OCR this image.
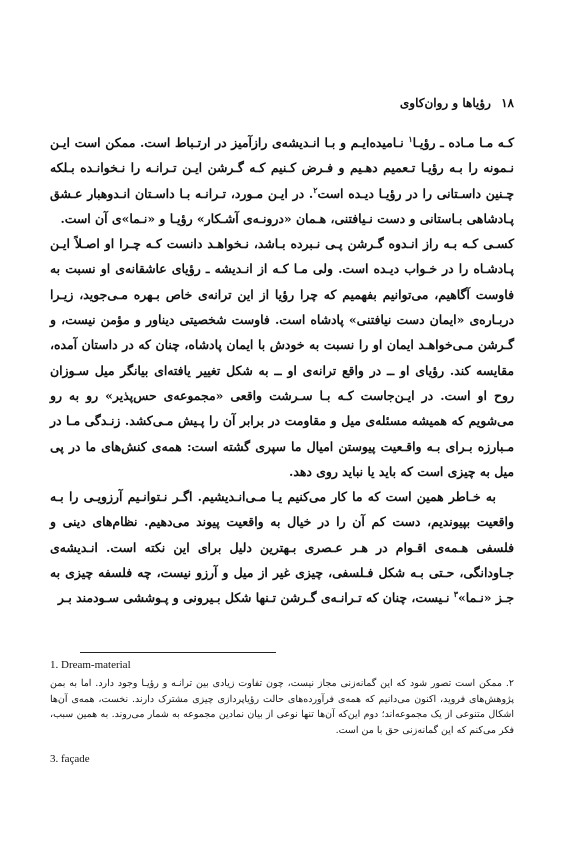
۱۸ رؤیاها و روان‌کاوی

کـه مـا مـاده ـ رؤیـا$^۱$ نـامیده‌ایـم و بـا انـدیشه‌ی رازآمیز در ارتـباط است. ممکن است ایـن نـمونه را بـه رؤیـا تـعمیم دهـیم و فـرض کـنیم کـه گـرشن ایـن تـرانـه را نـخوانـده بـلکه چـنین داسـتانی را در رؤیـا دیـده است$^۲$. در ایـن مـورد، تـرانـه بـا داسـتان انـدوهبار عـشق پـادشاهی بـاستانی و دست نـیافتنی، هـمان «درونـه‌ی آشـکار» رؤیـا و «نـما»ی آن است.

کسـی کـه بـه راز انـدوه گـرشن پـی نـبرده بـاشد، نـخواهـد دانست کـه چـرا او اصـلاً ایـن پـادشـاه را در خـواب دیـده است. ولی مـا کـه از انـدیشه ـ رؤیای عاشقانه‌ی او نسبت به فاوست آگاهیم، می‌توانیم بفهمیم که چرا رؤیا از این ترانه‌ی خاص بـهره مـی‌جوید، زیـرا دربـاره‌ی «ایمان دست نیافتنی» پادشاه است. فاوست شخصیتی دیناور و مؤمن نیست، و گـرشن مـی‌خواهـد ایمان او را نسبت به خودش با ایمان پادشاه، چنان که در داستان آمده، مقایسه کند. رؤیای او ــ در واقع ترانه‌ی او ــ به شکل تغییر یافته‌ای بیانگر میل سـوزان روح او است. در ایـن‌جاست کـه بـا سـرشت واقعی «مجموعه‌ی حس‌پذیر» رو به رو می‌شویم که همیشه مسئله‌ی میل و مقاومت در برابر آن را پـیش مـی‌کشد. زنـدگی مـا در مـبارزه بـرای بـه واقـعیت پیوستن امیال ما سپری گشته است: همه‌ی کنش‌های ما در پی میل به چیزی است که باید یا نباید روی دهد.

به خـاطر همین است که ما کار می‌کنیم یـا مـی‌انـدیشیم. اگـر نـتوانـیم آرزویـی را بـه واقعیت بپیوندیم، دست کم آن را در خیال به واقعیت پیوند می‌دهیم. نظام‌های دینی و فلسفی هـمه‌ی اقـوام در هـر عـصری بـهترین دلیل برای این نکته است. انـدیشه‌ی جـاودانگی، حـتی بـه شکل فـلسفی، چیزی غیر از میل و آرزو نیست، چه فلسفه چیزی به جـز «نـما»$^۳$ نـیست، چنان که تـرانـه‌ی گـرشن تـنها شکل بـیرونی و پـوششی سـودمند بـر

1. Dream-material
۲. ممکن است تصور شود که این گمانه‌زنی مجاز نیست، چون تفاوت زیادی بین ترانـه و رؤیـا وجود دارد. اما به بمن پژوهش‌های فروید، اکنون می‌دانیم که همه‌ی فرآورده‌های حالت رؤیاپردازی چیزی مشترک دارند. نخست، همه‌ی آن‌ها اشکال متنوعی از یک مجموعه‌اند؛ دوم این‌که آن‌ها تنها نوعی از بیان نمادین مجموعه به شمار می‌روند. به همین سبب، فکر می‌کنم که این گمانه‌زنی حق با من است.
3. façade
